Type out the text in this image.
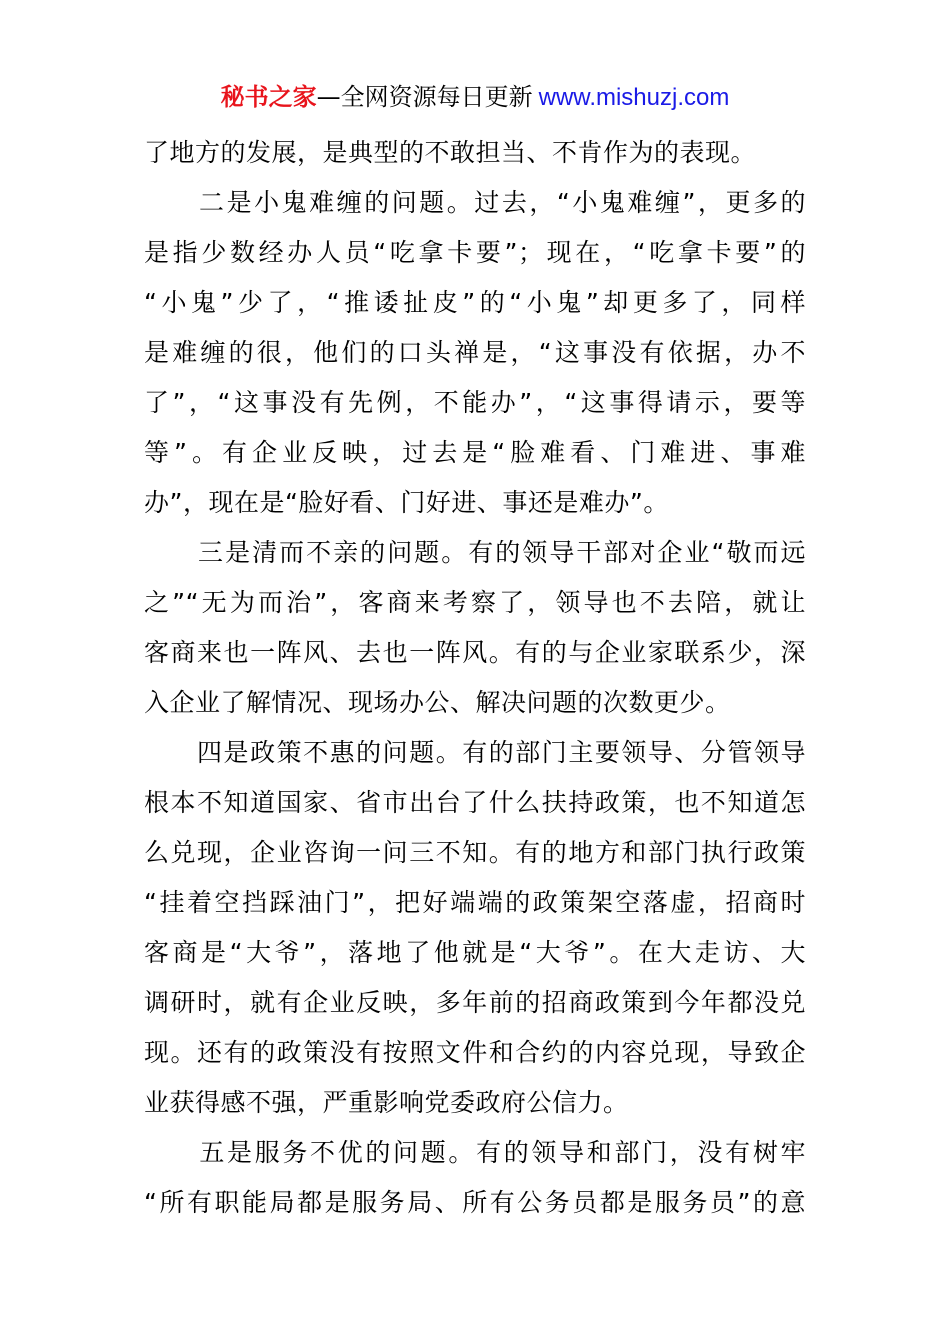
秘书之家—全网资源每日更新 www.mishuzj.com
了地方的发展，是典型的不敢担当、不肯作为的表现。
　　二是小鬼难缠的问题。过去，“小鬼难缠”，更多的
是指少数经办人员“吃拿卡要”；现在，“吃拿卡要”的
“小鬼”少了，“推诿扯皮”的“小鬼”却更多了，同样
是难缠的很，他们的口头禅是，“这事没有依据，办不
了”，“这事没有先例，不能办”，“这事得请示，要等
等”。有企业反映，过去是“脸难看、门难进、事难
办”，现在是“脸好看、门好进、事还是难办”。
　　三是清而不亲的问题。有的领导干部对企业“敬而远
之”“无为而治”，客商来考察了，领导也不去陪，就让
客商来也一阵风、去也一阵风。有的与企业家联系少，深
入企业了解情况、现场办公、解决问题的次数更少。
　　四是政策不惠的问题。有的部门主要领导、分管领导
根本不知道国家、省市出台了什么扶持政策，也不知道怎
么兑现，企业咨询一问三不知。有的地方和部门执行政策
“挂着空挡踩油门”，把好端端的政策架空落虚，招商时
客商是“大爷”，落地了他就是“大爷”。在大走访、大
调研时，就有企业反映，多年前的招商政策到今年都没兑
现。还有的政策没有按照文件和合约的内容兑现，导致企
业获得感不强，严重影响党委政府公信力。
　　五是服务不优的问题。有的领导和部门，没有树牢
“所有职能局都是服务局、所有公务员都是服务员”的意
